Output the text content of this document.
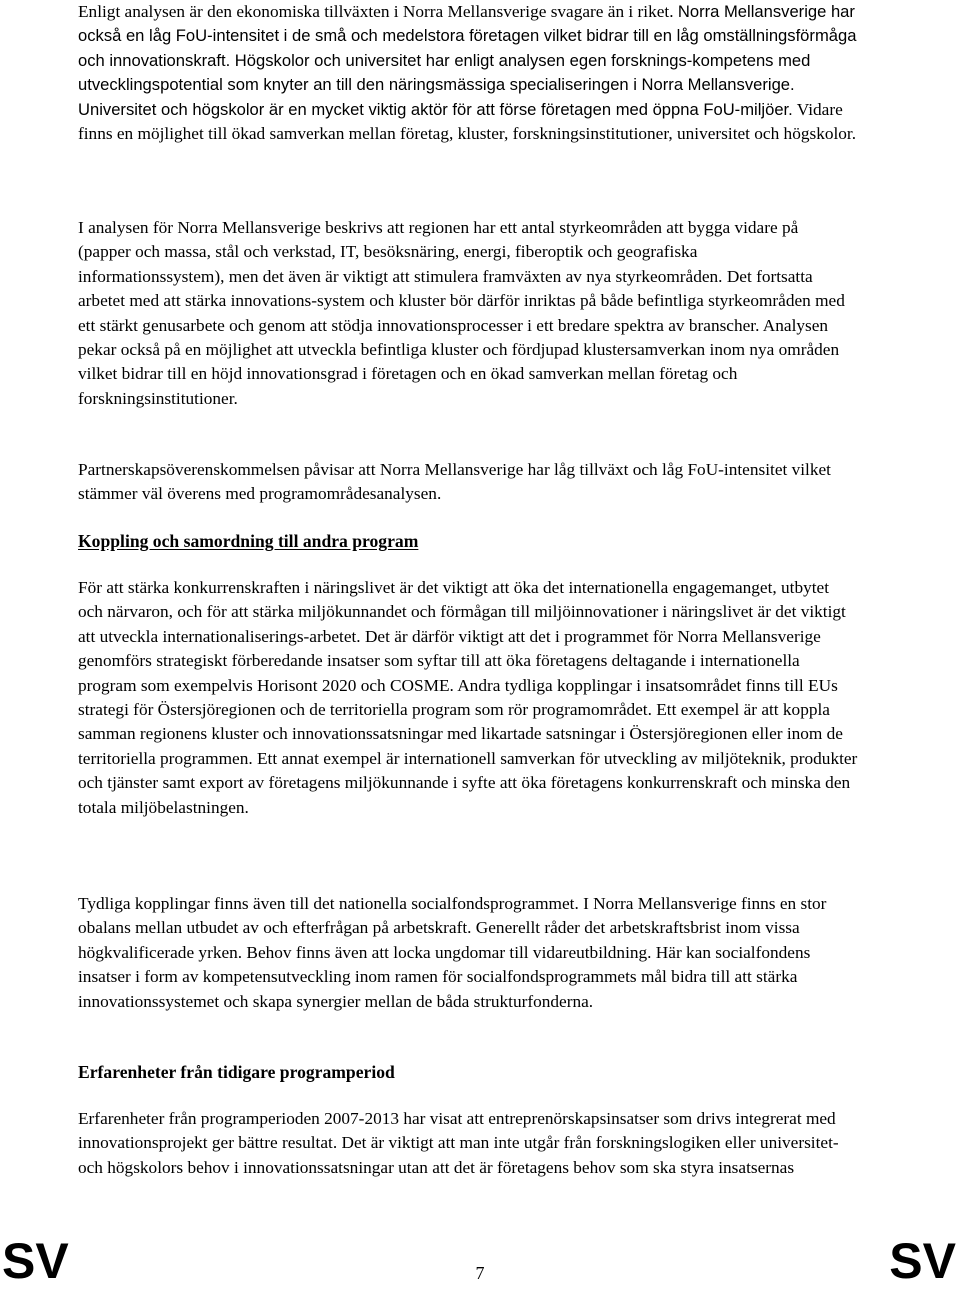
Enligt analysen är den ekonomiska tillväxten i Norra Mellansverige svagare än i riket. Norra Mellansverige har också en låg FoU-intensitet i de små och medelstora företagen vilket bidrar till en låg omställningsförmåga och innovationskraft. Högskolor och universitet har enligt analysen egen forsknings-kompetens med utvecklingspotential som knyter an till den näringsmässiga specialiseringen i Norra Mellansverige. Universitet och högskolor är en mycket viktig aktör för att förse företagen med öppna FoU-miljöer. Vidare finns en möjlighet till ökad samverkan mellan företag, kluster, forskningsinstitutioner, universitet och högskolor.

I analysen för Norra Mellansverige beskrivs att regionen har ett antal styrkeområden att bygga vidare på (papper och massa, stål och verkstad, IT, besöksnäring, energi, fiberoptik och geografiska informationssystem), men det även är viktigt att stimulera framväxten av nya styrkeområden. Det fortsatta arbetet med att stärka innovations-system och kluster bör därför inriktas på både befintliga styrkeområden med ett stärkt genusarbete och genom att stödja innovationsprocesser i ett bredare spektra av branscher. Analysen pekar också på en möjlighet att utveckla befintliga kluster och fördjupad klustersamverkan inom nya områden vilket bidrar till en höjd innovationsgrad i företagen och en ökad samverkan mellan företag och forskningsinstitutioner.

Partnerskapsöverenskommelsen påvisar att Norra Mellansverige har låg tillväxt och låg FoU-intensitet vilket stämmer väl överens med programområdesanalysen.

Koppling och samordning till andra program

För att stärka konkurrenskraften i näringslivet är det viktigt att öka det internationella engagemanget, utbytet och närvaron, och för att stärka miljökunnandet och förmågan till miljöinnovationer i näringslivet är det viktigt att utveckla internationaliserings-arbetet. Det är därför viktigt att det i programmet för Norra Mellansverige genomförs strategiskt förberedande insatser som syftar till att öka företagens deltagande i internationella program som exempelvis Horisont 2020 och COSME. Andra tydliga kopplingar i insatsområdet finns till EUs strategi för Östersjöregionen och de territoriella program som rör programområdet. Ett exempel är att koppla samman regionens kluster och innovationssatsningar med likartade satsningar i Östersjöregionen eller inom de territoriella programmen. Ett annat exempel är internationell samverkan för utveckling av miljöteknik, produkter och tjänster samt export av företagens miljökunnande i syfte att öka företagens konkurrenskraft och minska den totala miljöbelastningen.

Tydliga kopplingar finns även till det nationella socialfondsprogrammet. I Norra Mellansverige finns en stor obalans mellan utbudet av och efterfrågan på arbetskraft. Generellt råder det arbetskraftsbrist inom vissa högkvalificerade yrken. Behov finns även att locka ungdomar till vidareutbildning. Här kan socialfondens insatser i form av kompetensutveckling inom ramen för socialfondsprogrammets mål bidra till att stärka innovationssystemet och skapa synergier mellan de båda strukturfonderna.

Erfarenheter från tidigare programperiod

Erfarenheter från programperioden 2007-2013 har visat att entreprenörskapsinsatser som drivs integrerat med innovationsprojekt ger bättre resultat. Det är viktigt att man inte utgår från forskningslogiken eller universitet- och högskolors behov i innovationssatsningar utan att det är företagens behov som ska styra insatsernas

SV	7	SV
